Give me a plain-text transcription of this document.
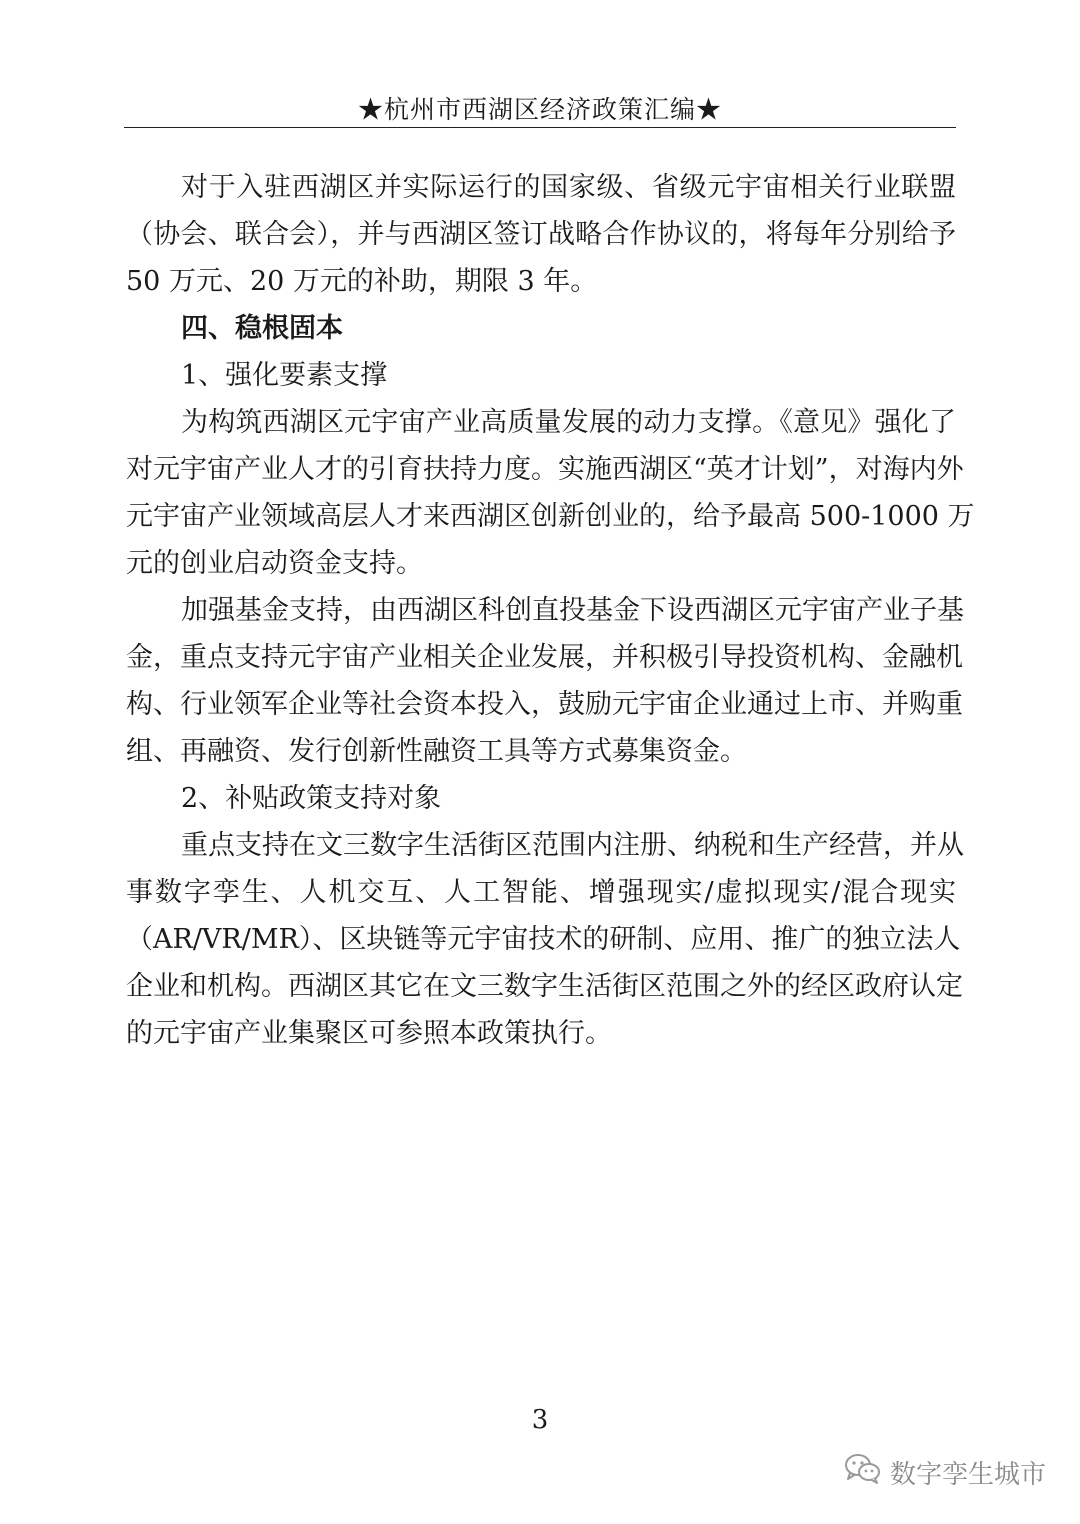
★杭州市西湖区经济政策汇编★
对于入驻西湖区并实际运行的国家级、省级元宇宙相关行业联盟
（协会、联合会），并与西湖区签订战略合作协议的，将每年分别给予
50 万元、20 万元的补助，期限 3 年。
四、稳根固本
1、强化要素支撑
为构筑西湖区元宇宙产业高质量发展的动力支撑。《意见》强化了
对元宇宙产业人才的引育扶持力度。实施西湖区“英才计划”，对海内外
元宇宙产业领域高层人才来西湖区创新创业的，给予最高 500-1000 万
元的创业启动资金支持。
加强基金支持，由西湖区科创直投基金下设西湖区元宇宙产业子基
金，重点支持元宇宙产业相关企业发展，并积极引导投资机构、金融机
构、行业领军企业等社会资本投入，鼓励元宇宙企业通过上市、并购重
组、再融资、发行创新性融资工具等方式募集资金。
2、补贴政策支持对象
重点支持在文三数字生活街区范围内注册、纳税和生产经营，并从
事数字孪生、人机交互、人工智能、增强现实/虚拟现实/混合现实
（AR/VR/MR）、区块链等元宇宙技术的研制、应用、推广的独立法人
企业和机构。西湖区其它在文三数字生活街区范围之外的经区政府认定
的元宇宙产业集聚区可参照本政策执行。
3
数字孪生城市
